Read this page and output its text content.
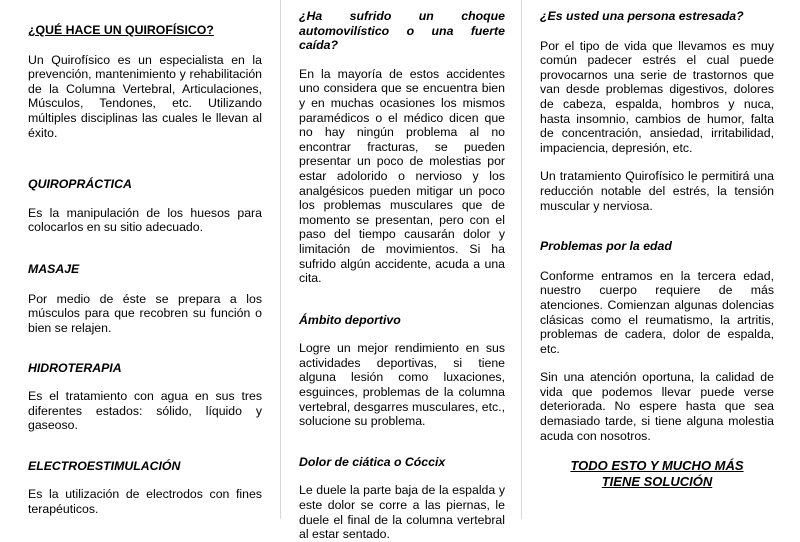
¿QUÉ HACE UN QUIROFÍSICO?

Un Quirofísico es un especialista en la prevención, mantenimiento y rehabilitación de la Columna Vertebral, Articulaciones, Músculos, Tendones, etc. Utilizando múltiples disciplinas las cuales le llevan al éxito.

QUIROPRÁCTICA

Es la manipulación de los huesos para colocarlos en su sitio adecuado.

MASAJE

Por medio de éste se prepara a los músculos para que recobren su función o bien se relajen.

HIDROTERAPIA

Es el tratamiento con agua en sus tres diferentes estados: sólido, líquido y gaseoso.

ELECTROESTIMULACIÓN

Es la utilización de electrodos con fines terapéuticos.

¿Ha sufrido un choque automovilístico o una fuerte caída?

En la mayoría de estos accidentes uno considera que se encuentra bien y en muchas ocasiones los mismos paramédicos o el médico dicen que no hay ningún problema al no encontrar fracturas, se pueden presentar un poco de molestias por estar adolorido o nervioso y los analgésicos pueden mitigar un poco los problemas musculares que de momento se presentan, pero con el paso del tiempo causarán dolor y limitación de movimientos. Si ha sufrido algún accidente, acuda a una cita.

Ámbito deportivo

Logre un mejor rendimiento en sus actividades deportivas, si tiene alguna lesión como luxaciones, esguinces, problemas de la columna vertebral, desgarres musculares, etc., solucione su problema.

Dolor de ciática o Cóccix

Le duele la parte baja de la espalda y este dolor se corre a las piernas, le duele el final de la columna vertebral al estar sentado.

¿Es usted una persona estresada?

Por el tipo de vida que llevamos es muy común padecer estrés el cual puede provocarnos una serie de trastornos que van desde problemas digestivos, dolores de cabeza, espalda, hombros y nuca, hasta insomnio, cambios de humor, falta de concentración, ansiedad, irritabilidad, impaciencia, depresión, etc.

Un tratamiento Quirofísico le permitirá una reducción notable del estrés, la tensión muscular y nerviosa.

Problemas por la edad

Conforme entramos en la tercera edad, nuestro cuerpo requiere de más atenciones. Comienzan algunas dolencias clásicas como el reumatismo, la artritis, problemas de cadera, dolor de espalda, etc.

Sin una atención oportuna, la calidad de vida que podemos llevar puede verse deteriorada. No espere hasta que sea demasiado tarde, si tiene alguna molestia acuda con nosotros.

TODO ESTO Y MUCHO MÁS
TIENE SOLUCIÓN
